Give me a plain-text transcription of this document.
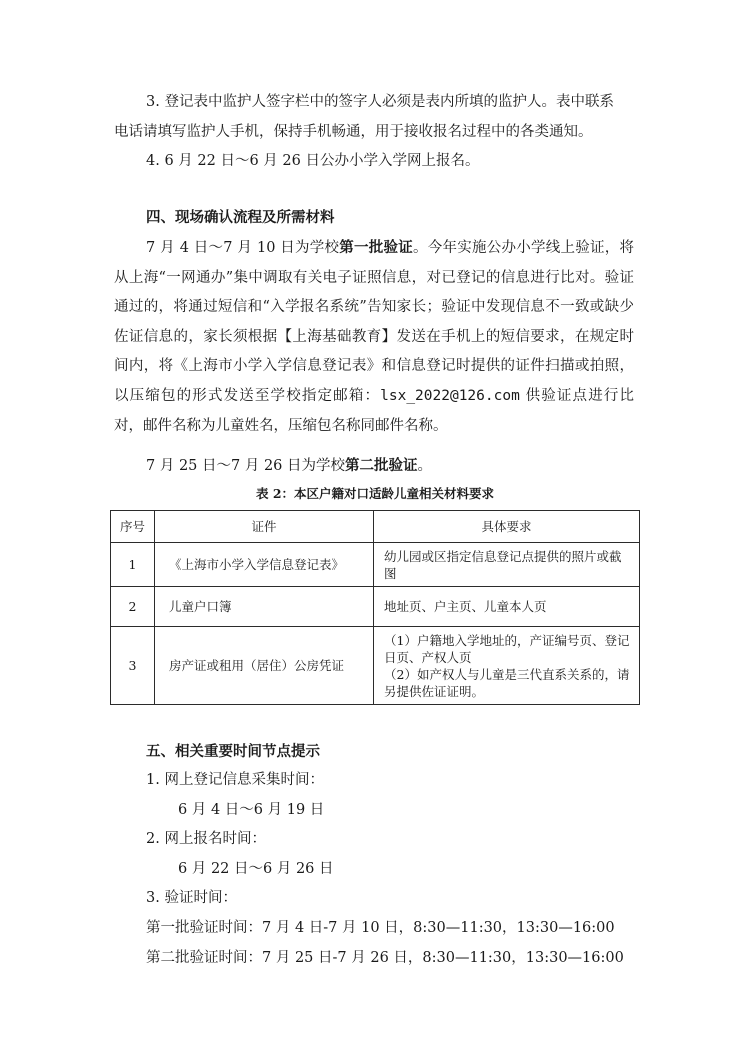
3. 登记表中监护人签字栏中的签字人必须是表内所填的监护人。表中联系
电话请填写监护人手机，保持手机畅通，用于接收报名过程中的各类通知。
4. 6 月 22 日～6 月 26 日公办小学入学网上报名。
四、现场确认流程及所需材料
7 月 4 日～7 月 10 日为学校第一批验证。今年实施公办小学线上验证，将从上海“一网通办”集中调取有关电子证照信息，对已登记的信息进行比对。验证通过的，将通过短信和“入学报名系统”告知家长；验证中发现信息不一致或缺少佐证信息的，家长须根据【上海基础教育】发送在手机上的短信要求，在规定时间内，将《上海市小学入学信息登记表》和信息登记时提供的证件扫描或拍照，以压缩包的形式发送至学校指定邮箱：lsx_2022@126.com 供验证点进行比对，邮件名称为儿童姓名，压缩包名称同邮件名称。
7 月 25 日～7 月 26 日为学校第二批验证。
表 2：本区户籍对口适龄儿童相关材料要求
序号	证件	具体要求
1	《上海市小学入学信息登记表》	幼儿园或区指定信息登记点提供的照片或截图
2	儿童户口簿	地址页、户主页、儿童本人页
3	房产证或租用（居住）公房凭证	（1）户籍地入学地址的，产证编号页、登记日页、产权人页
（2）如产权人与儿童是三代直系关系的，请另提供佐证证明。
五、相关重要时间节点提示
1. 网上登记信息采集时间：
6 月 4 日～6 月 19 日
2. 网上报名时间：
6 月 22 日～6 月 26 日
3. 验证时间：
第一批验证时间：7 月 4 日-7 月 10 日，8:30—11:30，13:30—16:00
第二批验证时间：7 月 25 日-7 月 26 日，8:30—11:30，13:30—16:00
